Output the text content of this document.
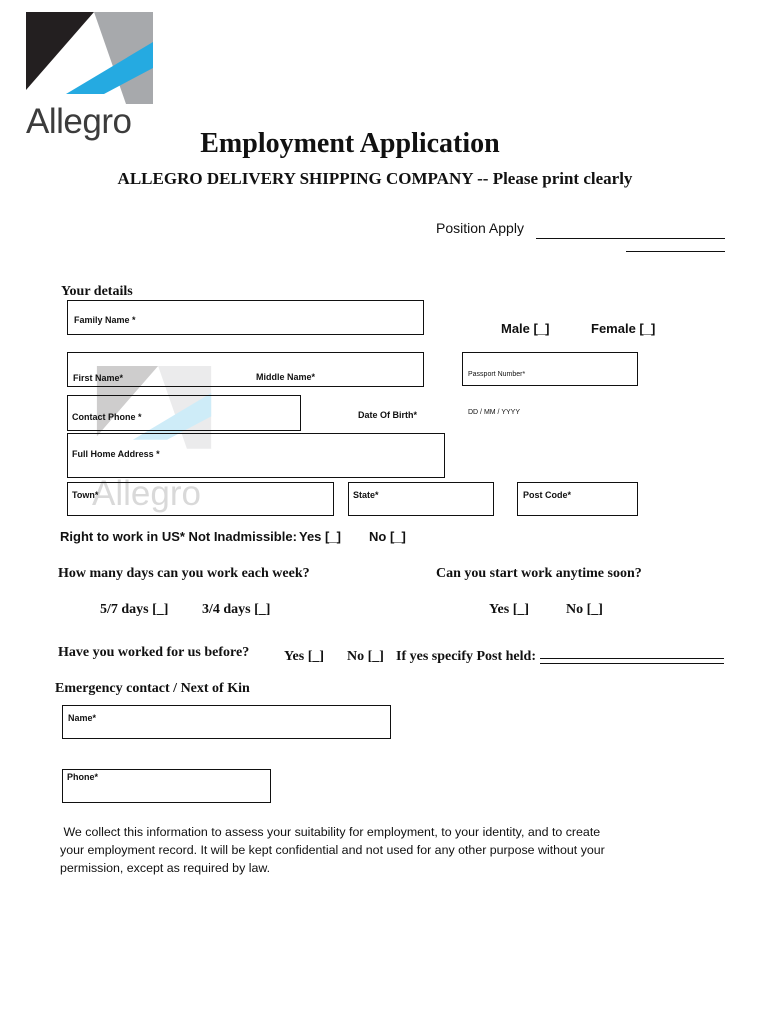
Allegro
Employment Application
ALLEGRO DELIVERY SHIPPING COMPANY -- Please print clearly
Position Apply
Allegro
Your details
Family Name *
Male [_]	Female [_]
First Name*	Middle Name*	Passport Number*
Contact Phone *	Date Of Birth*	DD / MM / YYYY
Full Home Address *
Town*	State*	Post Code*
Right to work in US* Not Inadmissible: Yes [_] No [_]
How many days can you work each week?
5/7 days [_] 3/4 days [_]
Can you start work anytime soon?
Yes [_]	No [_]
Have you worked for us before? Yes [_] No [_] If yes specify Post held:
Emergency contact / Next of Kin
Name*
Phone*
We collect this information to assess your suitability for employment, to your identity, and to create
your employment record. It will be kept confidential and not used for any other purpose without your
permission, except as required by law.
